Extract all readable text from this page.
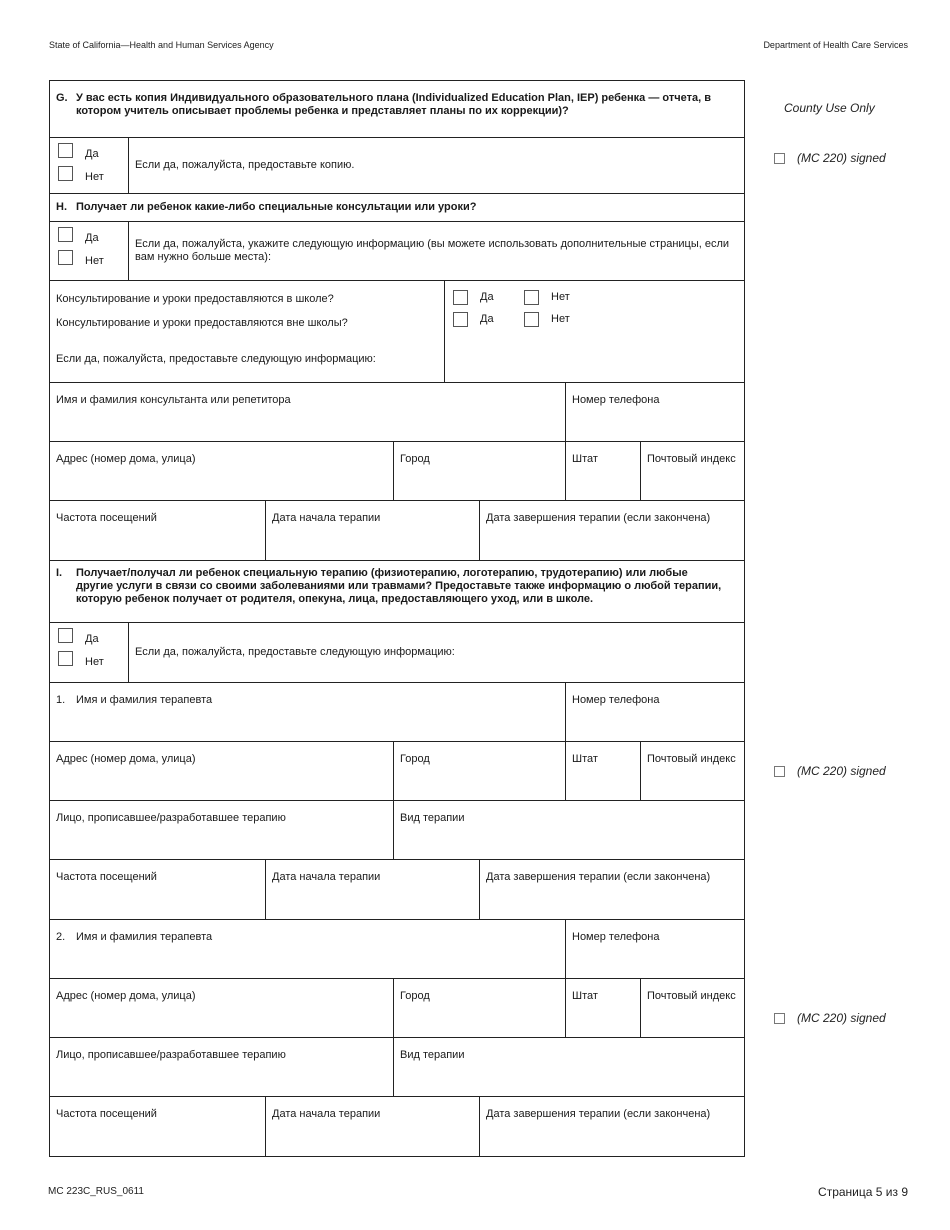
State of California—Health and Human Services Agency	Department of Health Care Services
G. У вас есть копия Индивидуального образовательного плана (Individualized Education Plan, IEP) ребенка — отчета, в котором учитель описывает проблемы ребенка и представляет планы по их коррекции)?
Да
Нет
Если да, пожалуйста, предоставьте копию.
H. Получает ли ребенок какие-либо специальные консультации или уроки?
Да
Нет
Если да, пожалуйста, укажите следующую информацию (вы можете использовать дополнительные страницы, если вам нужно больше места):
Консультирование и уроки предоставляются в школе?
Консультирование и уроки предоставляются вне школы?
Если да, пожалуйста, предоставьте следующую информацию:
Да	Нет
Да	Нет
Имя и фамилия консультанта или репетитора	Номер телефона
Адрес (номер дома, улица)	Город	Штат	Почтовый индекс
Частота посещений	Дата начала терапии	Дата завершения терапии (если закончена)
I.	Получает/получал ли ребенок специальную терапию (физиотерапию, логотерапию, трудотерапию) или любые другие услуги в связи со своими заболеваниями или травмами? Предоставьте также информацию о любой терапии, которую ребенок получает от родителя, опекуна, лица, предоставляющего уход, или в школе.
Да
Нет
Если да, пожалуйста, предоставьте следующую информацию:
1. Имя и фамилия терапевта	Номер телефона
Адрес (номер дома, улица)	Город	Штат	Почтовый индекс
Лицо, прописавшее/разработавшее терапию	Вид терапии
Частота посещений	Дата начала терапии	Дата завершения терапии (если закончена)
2. Имя и фамилия терапевта	Номер телефона
Адрес (номер дома, улица)	Город	Штат	Почтовый индекс
Лицо, прописавшее/разработавшее терапию	Вид терапии
Частота посещений	Дата начала терапии	Дата завершения терапии (если закончена)
County Use Only
(MC 220) signed
(MC 220) signed
(MC 220) signed
MC 223C_RUS_0611	Страница 5 из 9
